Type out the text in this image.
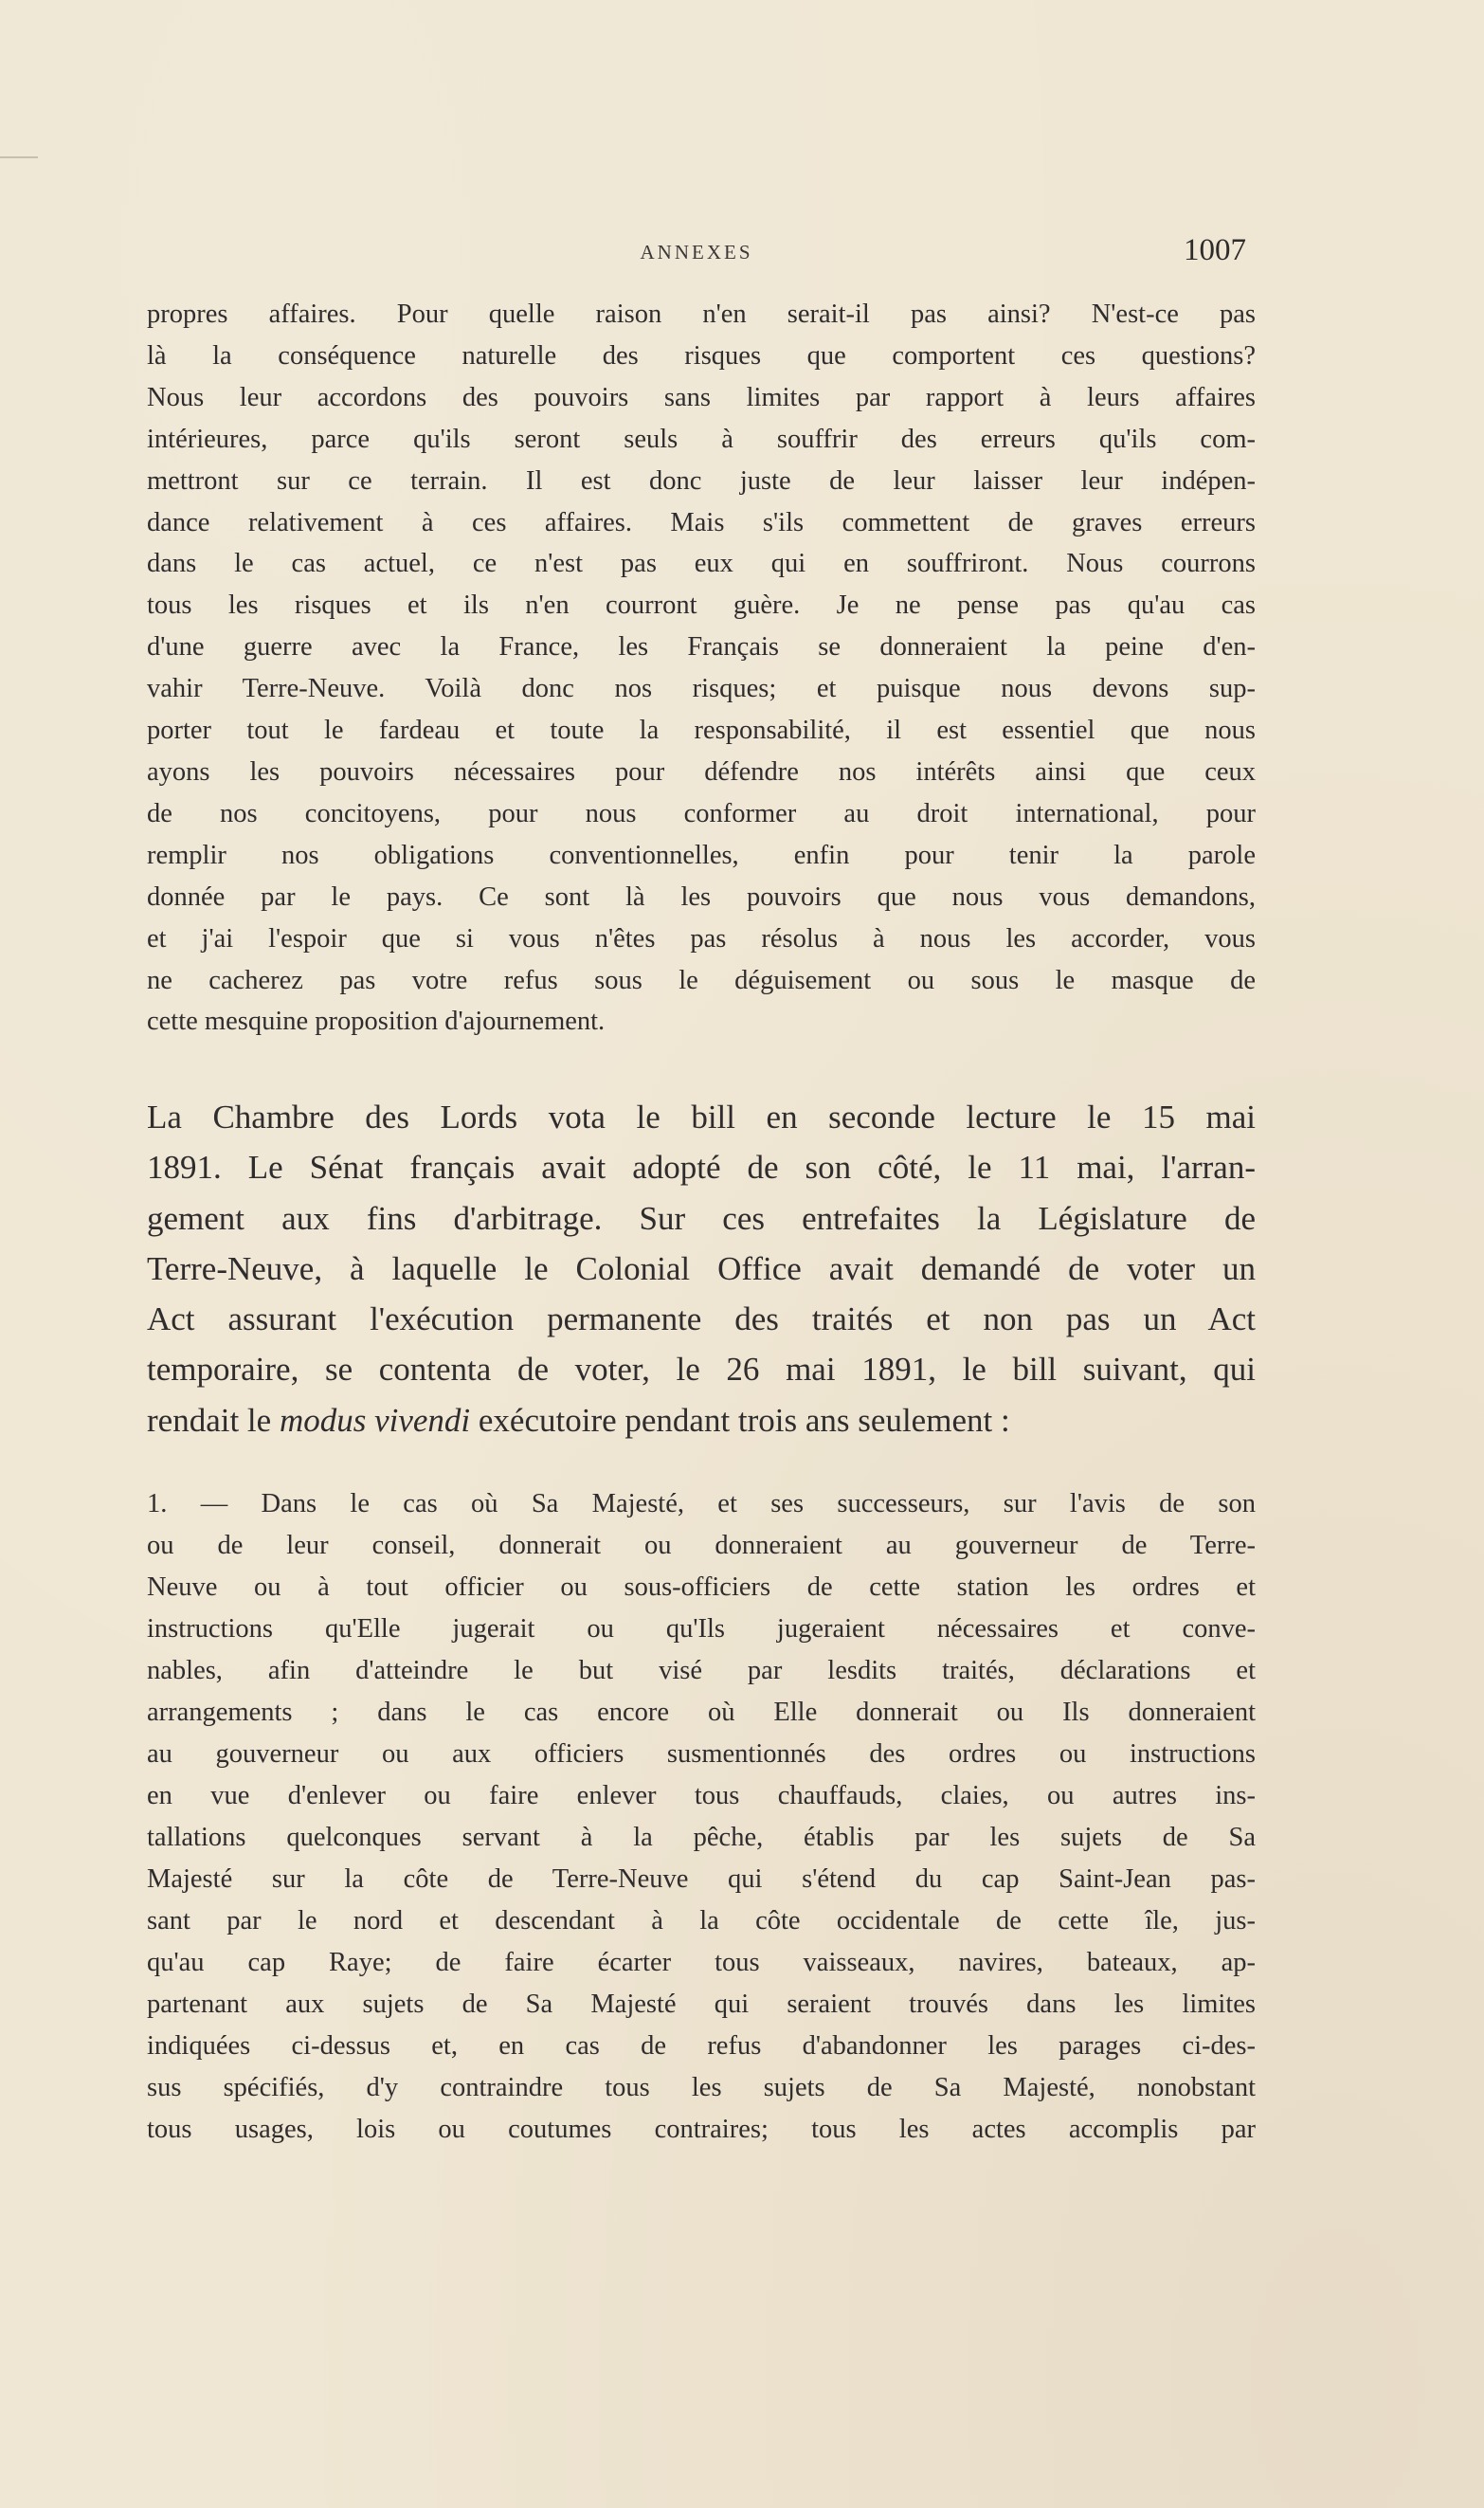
ANNEXES	1007
propres affaires. Pour quelle raison n'en serait-il pas ainsi? N'est-ce pas
là la conséquence naturelle des risques que comportent ces questions?
Nous leur accordons des pouvoirs sans limites par rapport à leurs affaires
intérieures, parce qu'ils seront seuls à souffrir des erreurs qu'ils com-
mettront sur ce terrain. Il est donc juste de leur laisser leur indépen-
dance relativement à ces affaires. Mais s'ils commettent de graves erreurs
dans le cas actuel, ce n'est pas eux qui en souffriront. Nous courrons
tous les risques et ils n'en courront guère. Je ne pense pas qu'au cas
d'une guerre avec la France, les Français se donneraient la peine d'en-
vahir Terre-Neuve. Voilà donc nos risques; et puisque nous devons sup-
porter tout le fardeau et toute la responsabilité, il est essentiel que nous
ayons les pouvoirs nécessaires pour défendre nos intérêts ainsi que ceux
de nos concitoyens, pour nous conformer au droit international, pour
remplir nos obligations conventionnelles, enfin pour tenir la parole
donnée par le pays. Ce sont là les pouvoirs que nous vous demandons,
et j'ai l'espoir que si vous n'êtes pas résolus à nous les accorder, vous
ne cacherez pas votre refus sous le déguisement ou sous le masque de
cette mesquine proposition d'ajournement.
La Chambre des Lords vota le bill en seconde lecture le 15 mai
1891. Le Sénat français avait adopté de son côté, le 11 mai, l'arran-
gement aux fins d'arbitrage. Sur ces entrefaites la Législature de
Terre-Neuve, à laquelle le Colonial Office avait demandé de voter un
Act assurant l'exécution permanente des traités et non pas un Act
temporaire, se contenta de voter, le 26 mai 1891, le bill suivant, qui
rendait le modus vivendi exécutoire pendant trois ans seulement :
1. — Dans le cas où Sa Majesté, et ses successeurs, sur l'avis de son
ou de leur conseil, donnerait ou donneraient au gouverneur de Terre-
Neuve ou à tout officier ou sous-officiers de cette station les ordres et
instructions qu'Elle jugerait ou qu'Ils jugeraient nécessaires et conve-
nables, afin d'atteindre le but visé par lesdits traités, déclarations et
arrangements ; dans le cas encore où Elle donnerait ou Ils donneraient
au gouverneur ou aux officiers susmentionnés des ordres ou instructions
en vue d'enlever ou faire enlever tous chauffauds, claies, ou autres ins-
tallations quelconques servant à la pêche, établis par les sujets de Sa
Majesté sur la côte de Terre-Neuve qui s'étend du cap Saint-Jean pas-
sant par le nord et descendant à la côte occidentale de cette île, jus-
qu'au cap Raye; de faire écarter tous vaisseaux, navires, bateaux, ap-
partenant aux sujets de Sa Majesté qui seraient trouvés dans les limites
indiquées ci-dessus et, en cas de refus d'abandonner les parages ci-des-
sus spécifiés, d'y contraindre tous les sujets de Sa Majesté, nonobstant
tous usages, lois ou coutumes contraires; tous les actes accomplis par
